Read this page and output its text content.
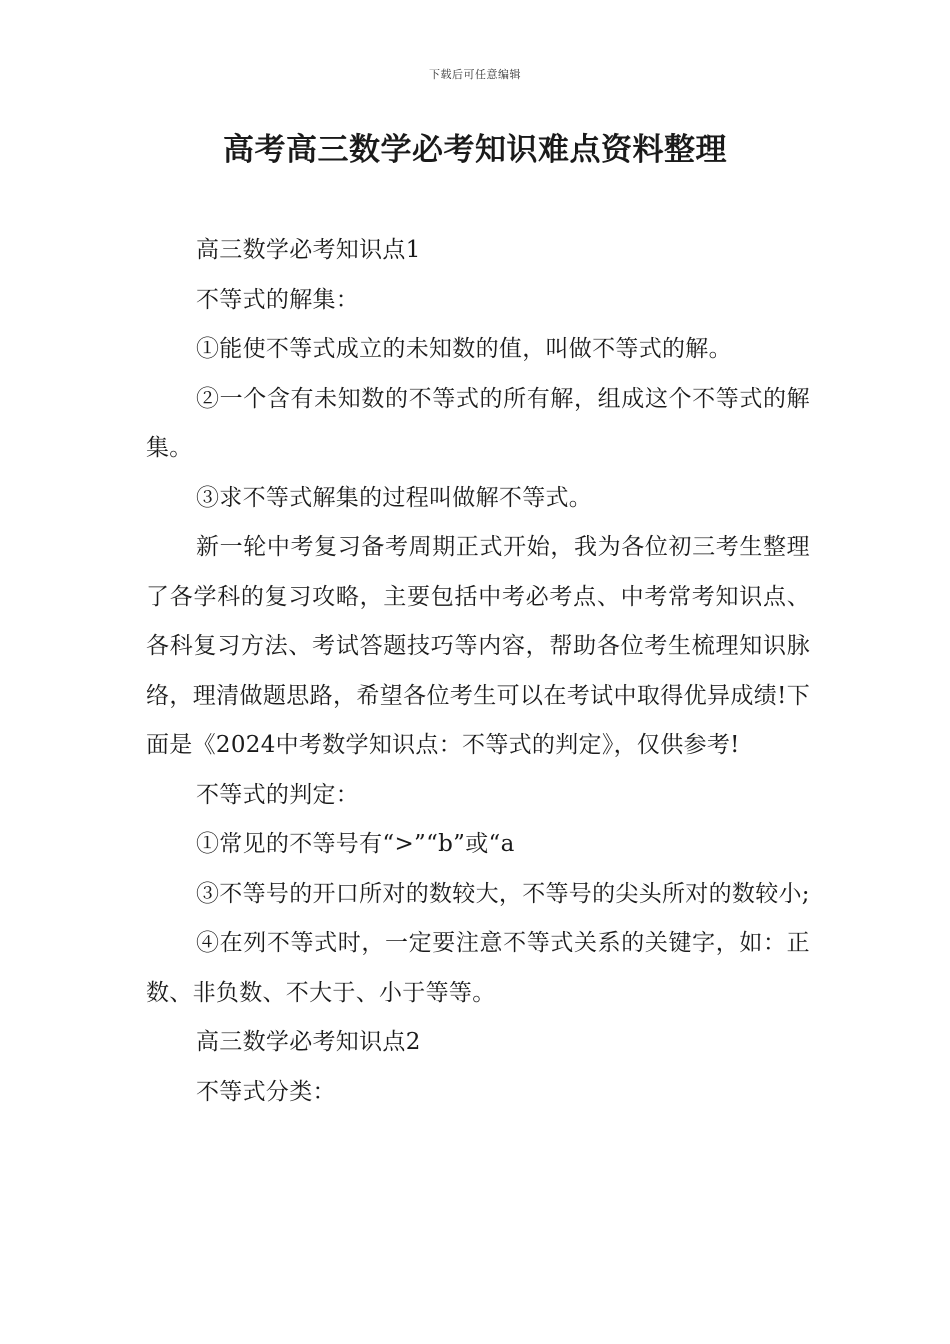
下载后可任意编辑
高考高三数学必考知识难点资料整理

高三数学必考知识点1

不等式的解集：

①能使不等式成立的未知数的值，叫做不等式的解。

②一个含有未知数的不等式的所有解，组成这个不等式的解集。

③求不等式解集的过程叫做解不等式。

新一轮中考复习备考周期正式开始，我为各位初三考生整理了各学科的复习攻略，主要包括中考必考点、中考常考知识点、各科复习方法、考试答题技巧等内容，帮助各位考生梳理知识脉络，理清做题思路，希望各位考生可以在考试中取得优异成绩!下面是《2024中考数学知识点：不等式的判定》，仅供参考!

不等式的判定：

①常见的不等号有“>”“b”或“a

③不等号的开口所对的数较大，不等号的尖头所对的数较小;

④在列不等式时，一定要注意不等式关系的关键字，如：正数、非负数、不大于、小于等等。

高三数学必考知识点2

不等式分类：
